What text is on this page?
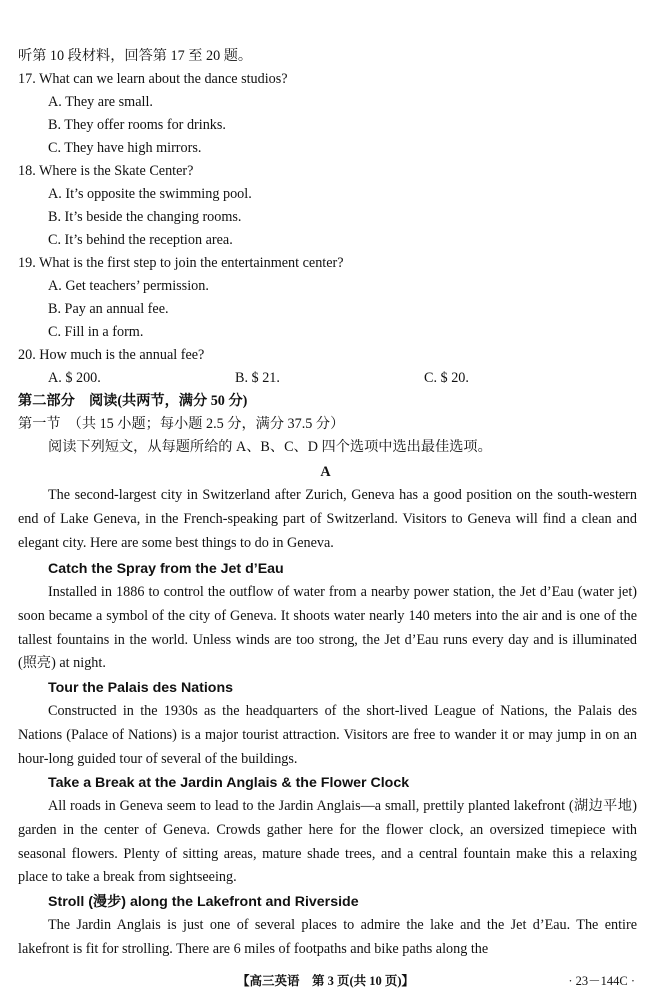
听第 10 段材料，回答第 17 至 20 题。
17. What can we learn about the dance studios?
A. They are small.
B. They offer rooms for drinks.
C. They have high mirrors.
18. Where is the Skate Center?
A. It’s opposite the swimming pool.
B. It’s beside the changing rooms.
C. It’s behind the reception area.
19. What is the first step to join the entertainment center?
A. Get teachers’ permission.
B. Pay an annual fee.
C. Fill in a form.
20. How much is the annual fee?
A. $ 200.	B. $ 21.	C. $ 20.
第二部分　阅读(共两节，满分 50 分)
第一节　（共 15 小题；每小题 2.5 分，满分 37.5 分）
阅读下列短文，从每题所给的 A、B、C、D 四个选项中选出最佳选项。
A
The second-largest city in Switzerland after Zurich, Geneva has a good position on the south-western end of Lake Geneva, in the French-speaking part of Switzerland. Visitors to Geneva will find a clean and elegant city. Here are some best things to do in Geneva.
Catch the Spray from the Jet d’Eau
Installed in 1886 to control the outflow of water from a nearby power station, the Jet d’Eau (water jet) soon became a symbol of the city of Geneva. It shoots water nearly 140 meters into the air and is one of the tallest fountains in the world. Unless winds are too strong, the Jet d’Eau runs every day and is illuminated (照亮) at night.
Tour the Palais des Nations
Constructed in the 1930s as the headquarters of the short-lived League of Nations, the Palais des Nations (Palace of Nations) is a major tourist attraction. Visitors are free to wander it or may jump in on an hour-long guided tour of several of the buildings.
Take a Break at the Jardin Anglais & the Flower Clock
All roads in Geneva seem to lead to the Jardin Anglais—a small, prettily planted lakefront (湖边平地) garden in the center of Geneva. Crowds gather here for the flower clock, an oversized timepiece with seasonal flowers. Plenty of sitting areas, mature shade trees, and a central fountain make this a relaxing place to take a break from sightseeing.
Stroll (漫步) along the Lakefront and Riverside
The Jardin Anglais is just one of several places to admire the lake and the Jet d’Eau. The entire lakefront is fit for strolling. There are 6 miles of footpaths and bike paths along the
【高三英语　第 3 页(共 10 页)】	· 23－144C ·
